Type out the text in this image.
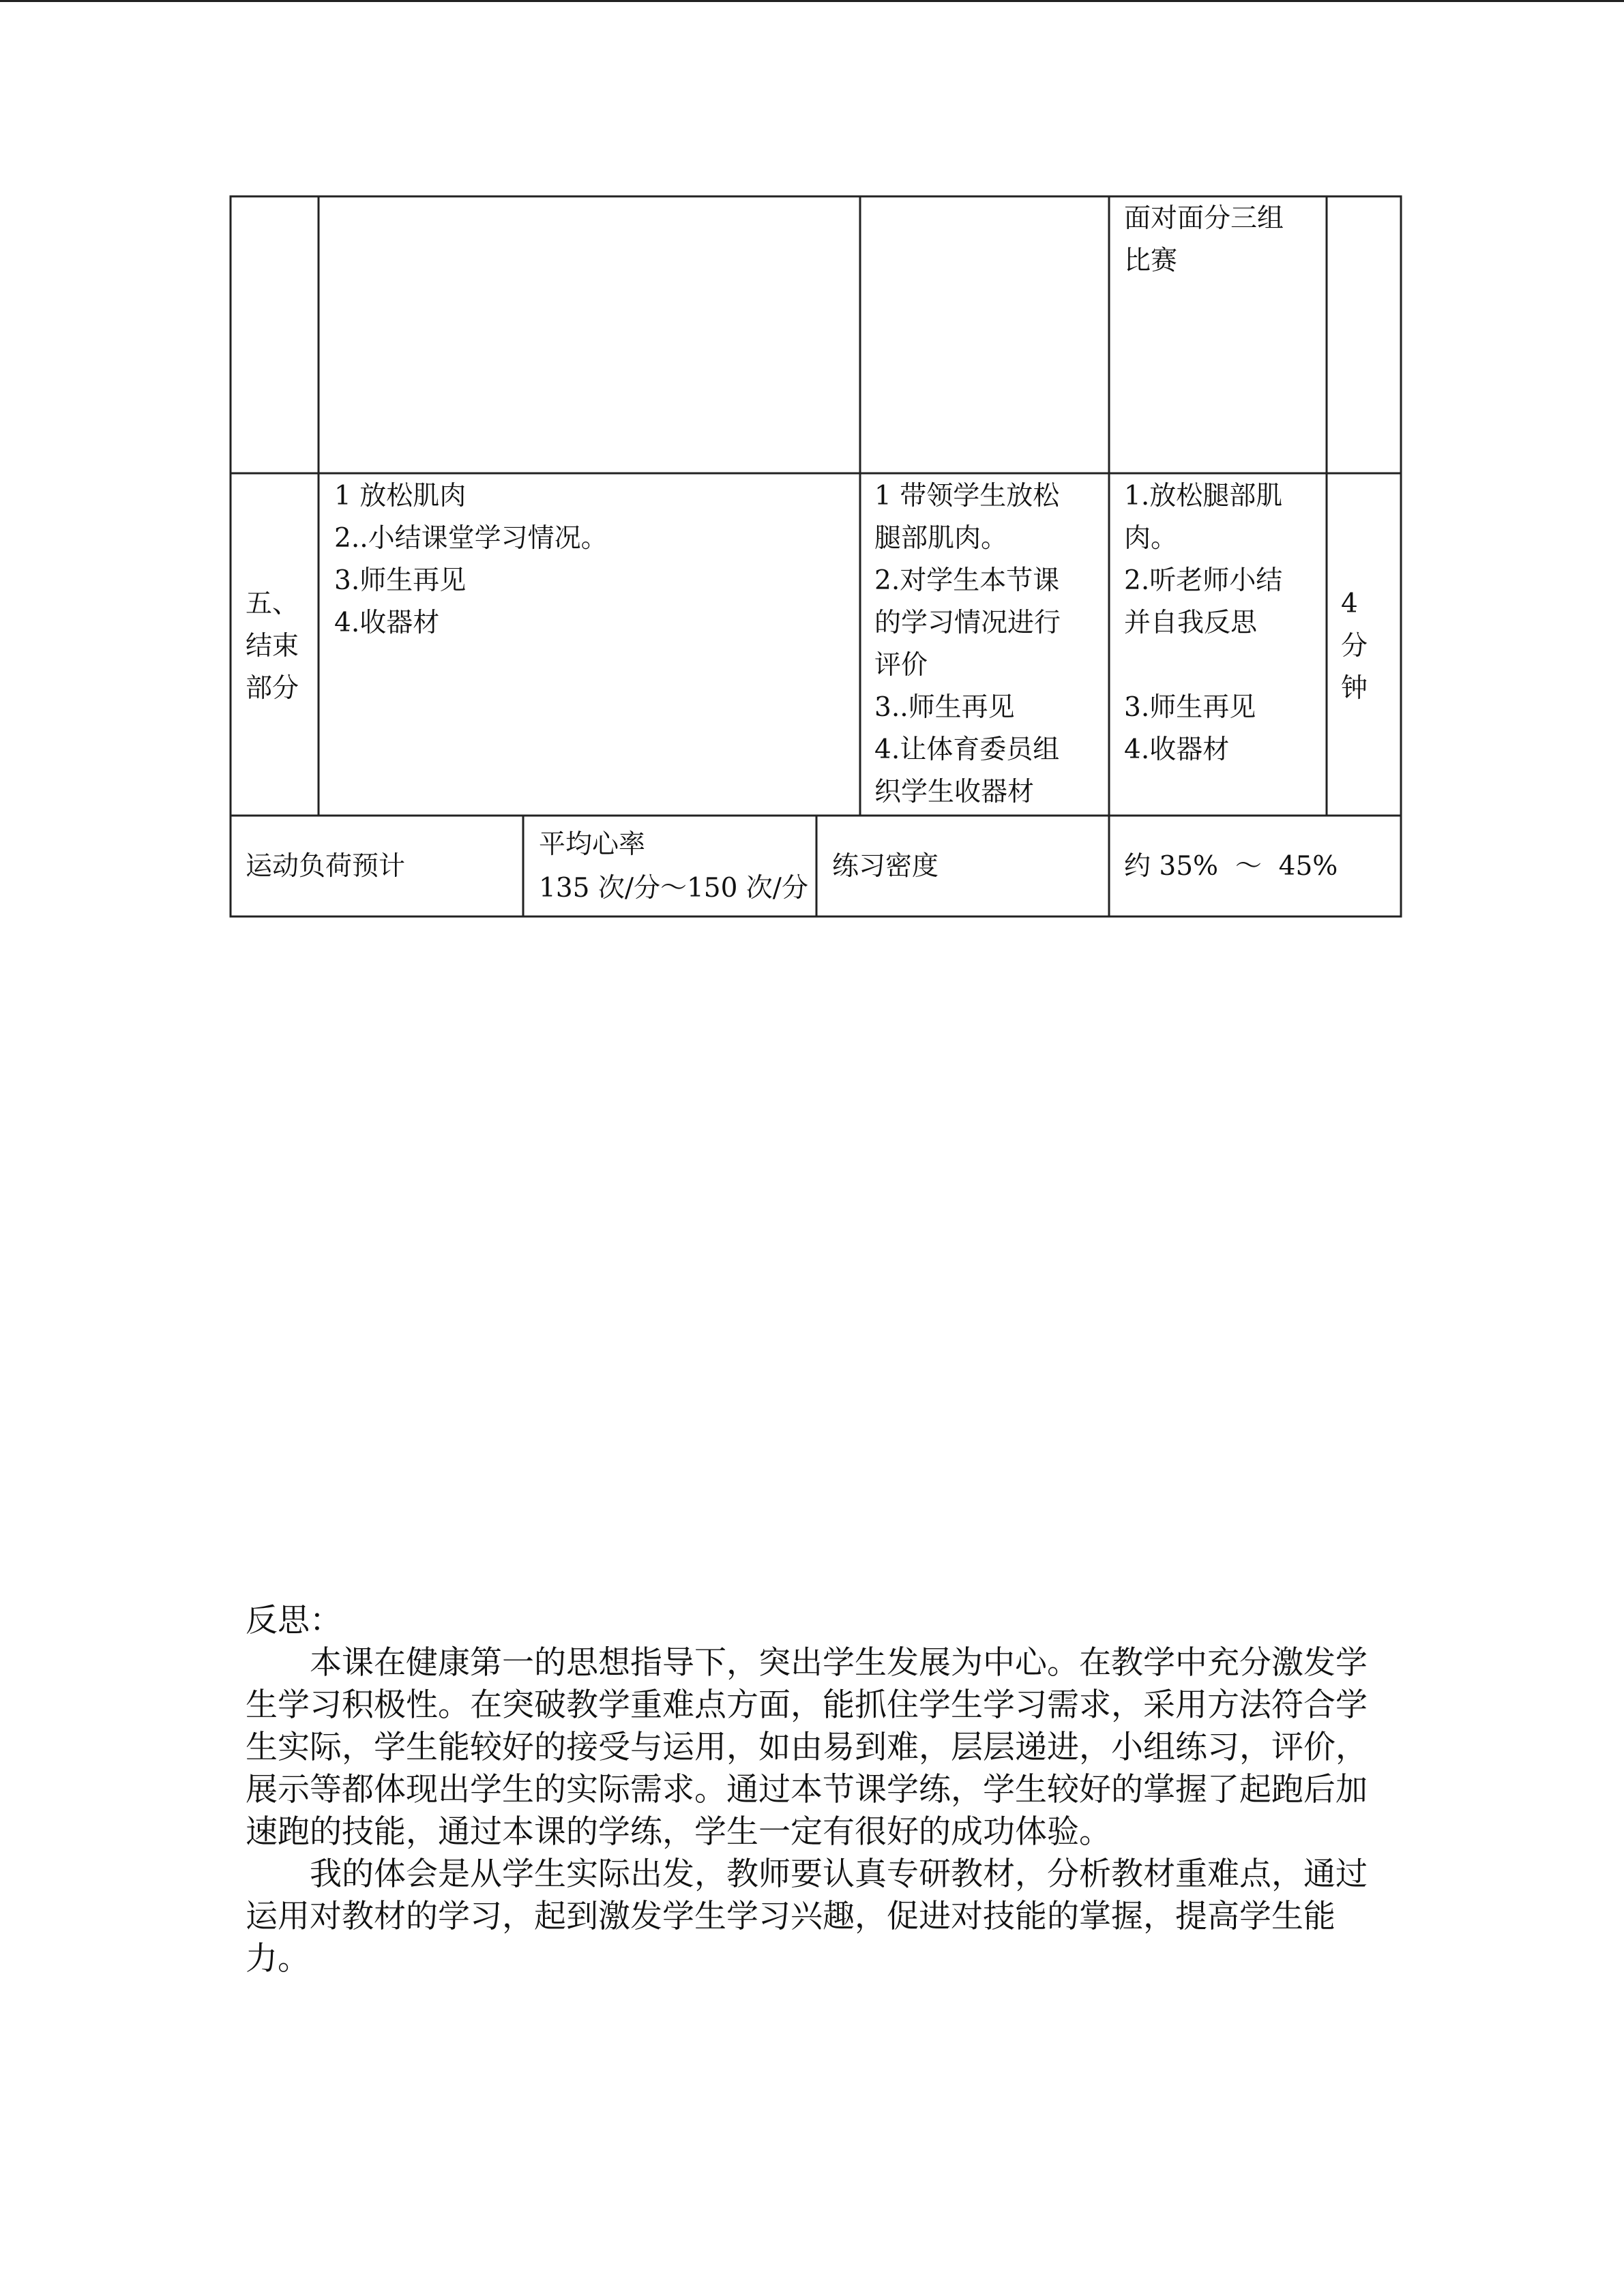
面对面分三组
比赛
五、
结束
部分
1 放松肌肉
2..小结课堂学习情况。
3.师生再见
4.收器材
1 带领学生放松
腿部肌肉。
2.对学生本节课
的学习情况进行
评价
3..师生再见
4.让体育委员组
织学生收器材
1.放松腿部肌
肉。
2.听老师小结
并自我反思
3.师生再见
4.收器材
4
分
钟
运动负荷预计
平均心率
135 次/分～150 次/分
练习密度	约 35%  ～  45%

反思：

本课在健康第一的思想指导下，突出学生发展为中心。在教学中充分激发学生学习积极性。在突破教学重难点方面，能抓住学生学习需求，采用方法符合学生实际，学生能较好的接受与运用，如由易到难，层层递进，小组练习，评价，展示等都体现出学生的实际需求。通过本节课学练，学生较好的掌握了起跑后加速跑的技能，通过本课的学练，学生一定有很好的成功体验。

我的体会是从学生实际出发，教师要认真专研教材，分析教材重难点，通过运用对教材的学习，起到激发学生学习兴趣，促进对技能的掌握，提高学生能力。
